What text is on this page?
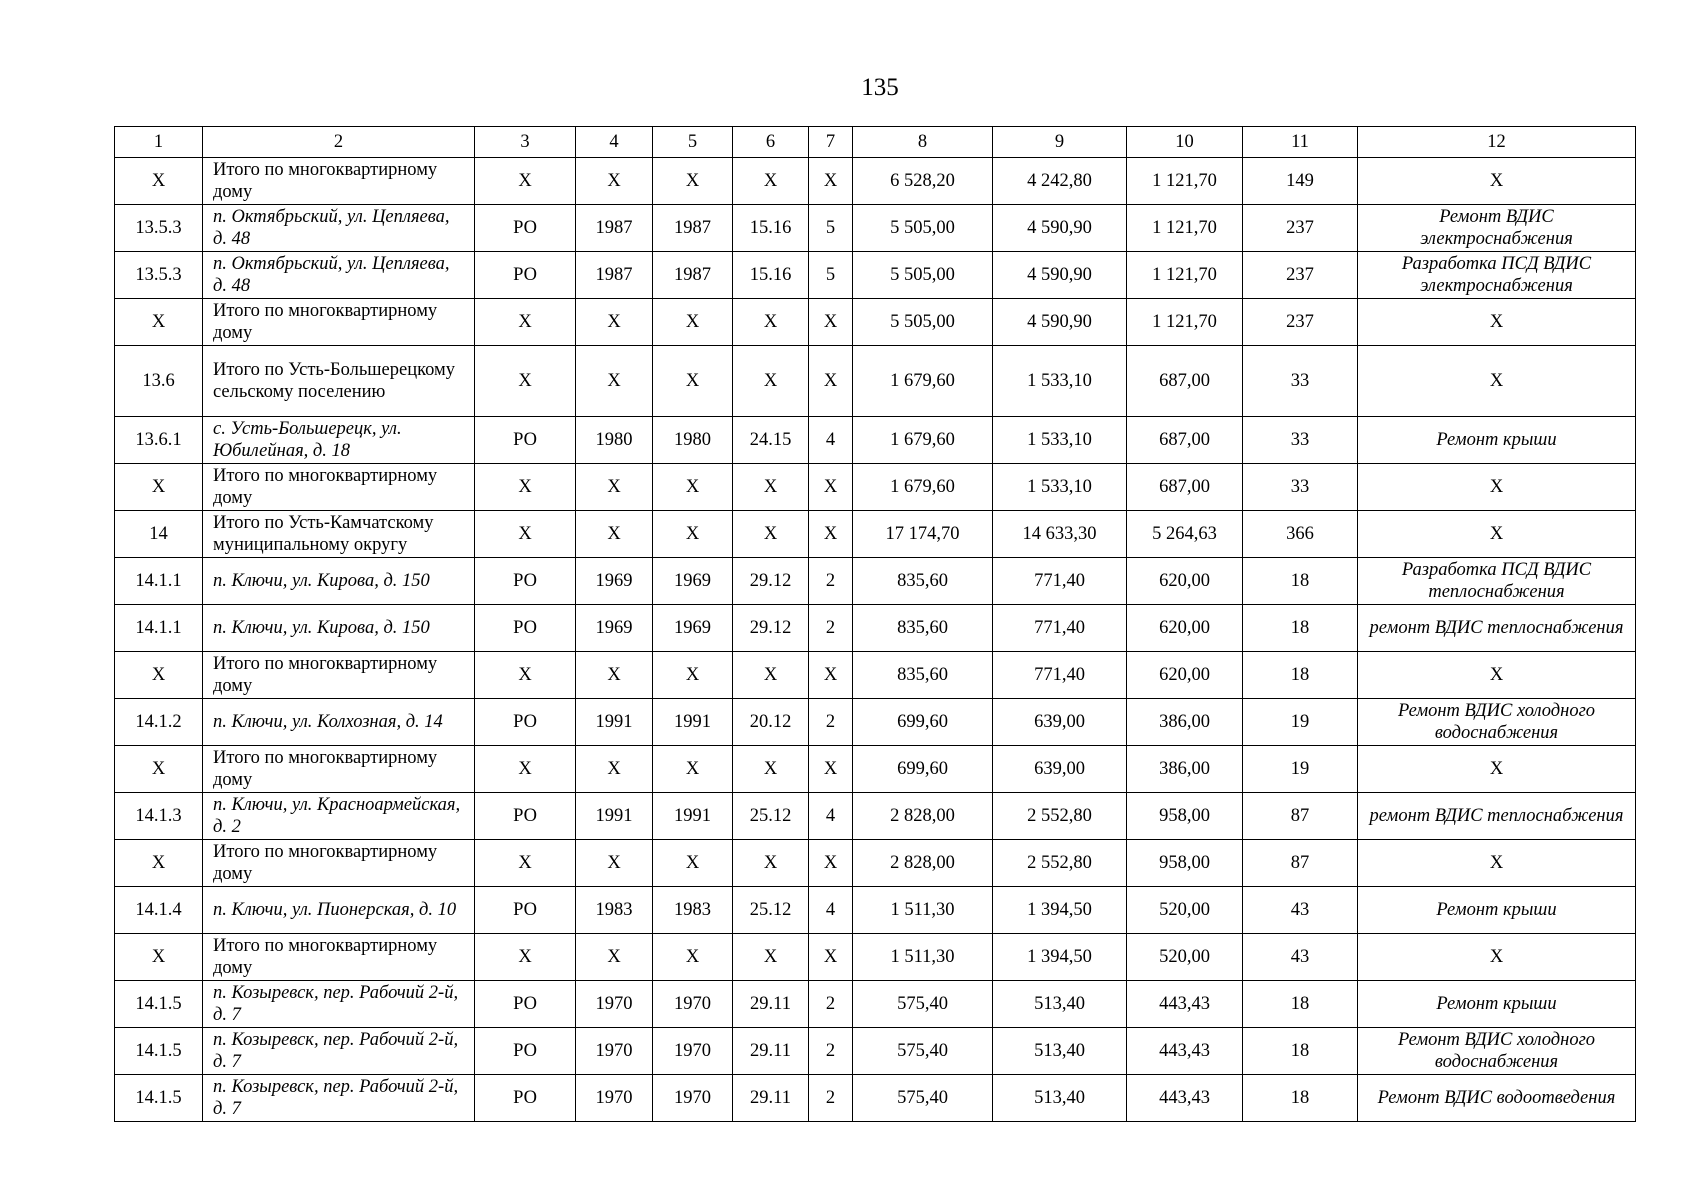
135
1	2	3	4	5	6	7	8	9	10	11	12
Х	Итого по многоквартирному дому	Х	Х	Х	Х	Х	6 528,20	4 242,80	1 121,70	149	Х
13.5.3	п. Октябрьский, ул. Цепляева, д. 48	РО	1987	1987	15.16	5	5 505,00	4 590,90	1 121,70	237	Ремонт ВДИС электроснабжения
13.5.3	п. Октябрьский, ул. Цепляева, д. 48	РО	1987	1987	15.16	5	5 505,00	4 590,90	1 121,70	237	Разработка ПСД ВДИС электроснабжения
Х	Итого по многоквартирному дому	Х	Х	Х	Х	Х	5 505,00	4 590,90	1 121,70	237	Х
13.6	Итого по Усть-Большерецкому сельскому поселению	Х	Х	Х	Х	Х	1 679,60	1 533,10	687,00	33	Х
13.6.1	с. Усть-Большерецк, ул. Юбилейная, д. 18	РО	1980	1980	24.15	4	1 679,60	1 533,10	687,00	33	Ремонт крыши
Х	Итого по многоквартирному дому	Х	Х	Х	Х	Х	1 679,60	1 533,10	687,00	33	Х
14	Итого по Усть-Камчатскому муниципальному округу	Х	Х	Х	Х	Х	17 174,70	14 633,30	5 264,63	366	Х
14.1.1	п. Ключи, ул. Кирова, д. 150	РО	1969	1969	29.12	2	835,60	771,40	620,00	18	Разработка ПСД ВДИС теплоснабжения
14.1.1	п. Ключи, ул. Кирова, д. 150	РО	1969	1969	29.12	2	835,60	771,40	620,00	18	ремонт ВДИС теплоснабжения
Х	Итого по многоквартирному дому	Х	Х	Х	Х	Х	835,60	771,40	620,00	18	Х
14.1.2	п. Ключи, ул. Колхозная, д. 14	РО	1991	1991	20.12	2	699,60	639,00	386,00	19	Ремонт ВДИС холодного водоснабжения
Х	Итого по многоквартирному дому	Х	Х	Х	Х	Х	699,60	639,00	386,00	19	Х
14.1.3	п. Ключи, ул. Красноармейская, д. 2	РО	1991	1991	25.12	4	2 828,00	2 552,80	958,00	87	ремонт ВДИС теплоснабжения
Х	Итого по многоквартирному дому	Х	Х	Х	Х	Х	2 828,00	2 552,80	958,00	87	Х
14.1.4	п. Ключи, ул. Пионерская, д. 10	РО	1983	1983	25.12	4	1 511,30	1 394,50	520,00	43	Ремонт крыши
Х	Итого по многоквартирному дому	Х	Х	Х	Х	Х	1 511,30	1 394,50	520,00	43	Х
14.1.5	п. Козыревск, пер. Рабочий 2-й, д. 7	РО	1970	1970	29.11	2	575,40	513,40	443,43	18	Ремонт крыши
14.1.5	п. Козыревск, пер. Рабочий 2-й, д. 7	РО	1970	1970	29.11	2	575,40	513,40	443,43	18	Ремонт ВДИС холодного водоснабжения
14.1.5	п. Козыревск, пер. Рабочий 2-й, д. 7	РО	1970	1970	29.11	2	575,40	513,40	443,43	18	Ремонт ВДИС водоотведения
